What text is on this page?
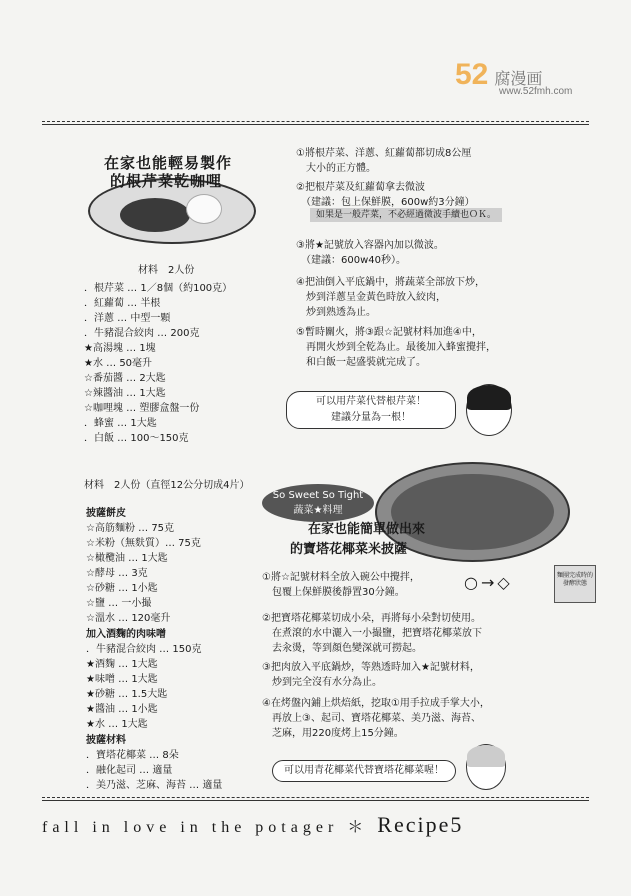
52 腐漫画
www.52fmh.com
在家也能輕易製作
的根芹菜乾咖哩
材料　2人份
．根芹菜 … 1／8個（約100克）
．紅蘿蔔 … 半根
．洋蔥 … 中型一顆
．牛豬混合絞肉 … 200克
★高湯塊 … 1塊
★水 … 50毫升
☆番茄醬 … 2大匙
☆辣醬油 … 1大匙
☆咖哩塊 … 塑膠盒盤一份
．蜂蜜 … 1大匙
．白飯 … 100～150克
①將根芹菜、洋蔥、紅蘿蔔都切成8公厘
　大小的正方體。
②把根芹菜及紅蘿蔔拿去微波
　（建議：包上保鮮膜，600w約3分鐘）
③將★記號放入容器內加以微波。
　（建議：600w40秒）。
④把油倒入平底鍋中，將蔬菜全部放下炒，
　炒到洋蔥呈金黃色時放入絞肉，
　炒到熟透為止。
⑤暫時關火，將③跟☆記號材料加進④中，
　再開火炒到全乾為止。最後加入蜂蜜攪拌，
　和白飯一起盛裝就完成了。
如果是一般芹菜，不必經過微波手續也ＯＫ。
可以用芹菜代替根芹菜！
建議分量為一根！
材料　2人份（直徑12公分切成4片）
披薩餅皮
☆高筋麵粉 … 75克
☆米粉（無麩質）… 75克
☆橄欖油 … 1大匙
☆酵母 … 3克
☆砂糖 … 1小匙
☆鹽 … 一小撮
☆溫水 … 120毫升
加入酒麴的肉味噌
．牛豬混合絞肉 … 150克
★酒麴 … 1大匙
★味噌 … 1大匙
★砂糖 … 1.5大匙
★醬油 … 1小匙
★水 … 1大匙
披薩材料
．寶塔花椰菜 … 8朵
．融化起司 … 適量
．美乃滋、芝麻、海苔 … 適量
So Sweet So Tight
蔬菜★料理
在家也能簡單做出來
的寶塔花椰菜米披薩
○→◇	麵團完成時的發酵狀態
①將☆記號材料全放入碗公中攪拌，
　包覆上保鮮膜後靜置30分鐘。
②把寶塔花椰菜切成小朵，再將每小朵對切使用。
　在煮滾的水中灑入一小撮鹽，把寶塔花椰菜放下
　去汆燙，等到顏色變深就可撈起。
③把肉放入平底鍋炒，等熟透時加入★記號材料，
　炒到完全沒有水分為止。
④在烤盤內鋪上烘焙紙，挖取①用手拉成手掌大小，
　再放上③、起司、寶塔花椰菜、美乃滋、海苔、
　芝麻，用220度烤上15分鐘。
可以用青花椰菜代替寶塔花椰菜喔！
fall in love in the potager ＊ Recipe5
